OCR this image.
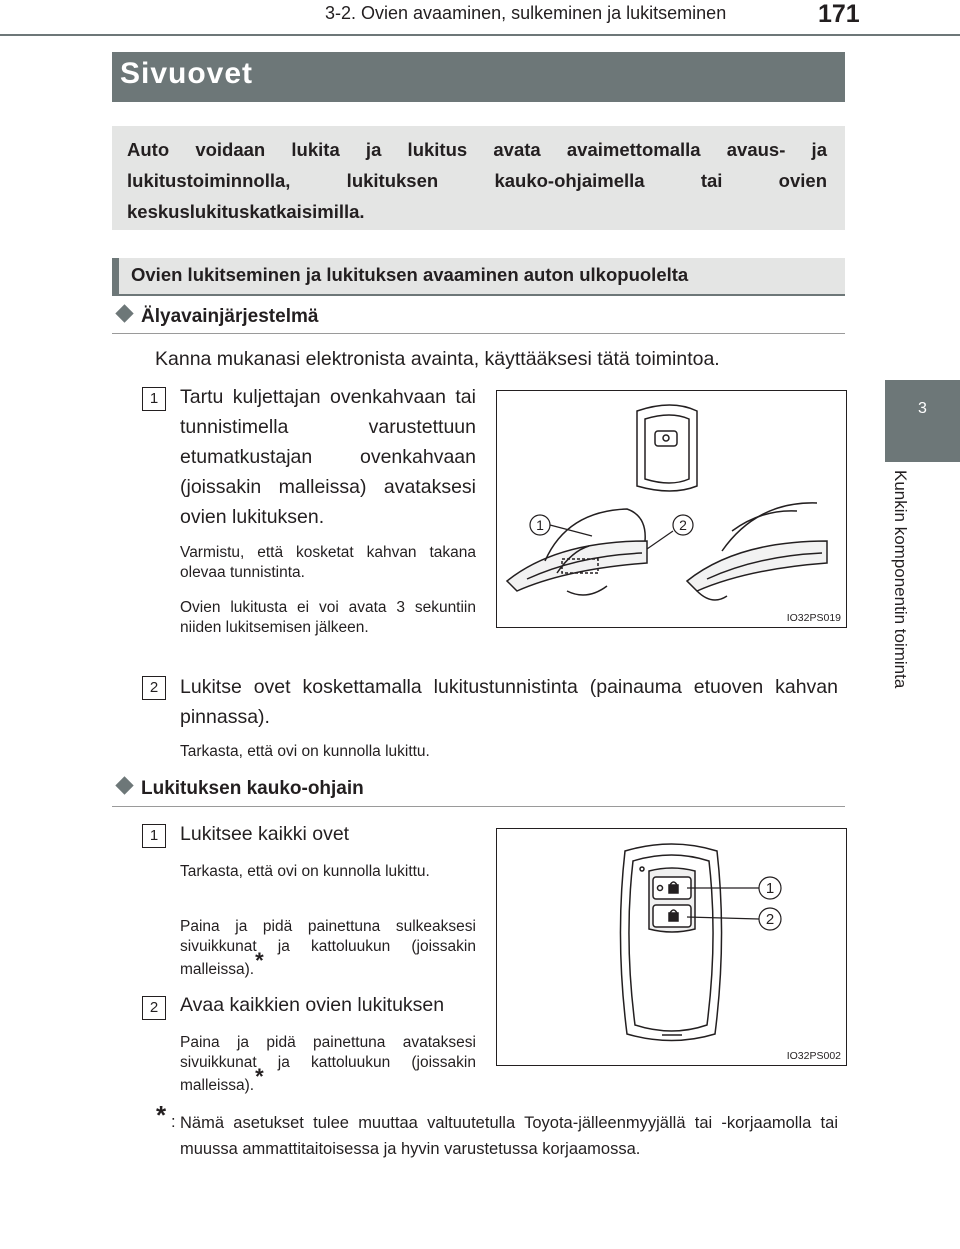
3-2. Ovien avaaminen, sulkeminen ja lukitseminen	171
3
Kunkin komponentin toiminta
Sivuovet

Auto voidaan lukita ja lukitus avata avaimettomalla avaus- ja lukitustoiminnolla, lukituksen kauko-ohjaimella tai ovien keskuslukituskatkaisimilla.

Ovien lukitseminen ja lukituksen avaaminen auton ulkopuolelta
Älyavainjärjestelmä
Kanna mukanasi elektronista avainta, käyttääksesi tätä toimintoa.
1	Tartu kuljettajan ovenkahvaan tai tunnistimella varustettuun etumatkustajan ovenkahvaan (joissakin malleissa) avataksesi ovien lukituksen.
Varmistu, että kosketat kahvan takana olevaa tunnistinta.
Ovien lukitusta ei voi avata 3 sekuntiin niiden lukitsemisen jälkeen.
1	2
IO32PS019
2	Lukitse ovet koskettamalla lukitustunnistinta (painauma etuoven kahvan pinnassa).
Tarkasta, että ovi on kunnolla lukittu.
Lukituksen kauko-ohjain
1	Lukitsee kaikki ovet
Tarkasta, että ovi on kunnolla lukittu.
Paina ja pidä painettuna sulkeaksesi sivuikkunat ja kattoluukun (joissakin malleissa).*
2	Avaa kaikkien ovien lukituksen
Paina ja pidä painettuna avataksesi sivuikkunat ja kattoluukun (joissakin malleissa).*
1
2
IO32PS002
* : Nämä asetukset tulee muuttaa valtuutetulla Toyota-jälleenmyyjällä tai -korjaamolla tai muussa ammattitaitoisessa ja hyvin varustetussa korjaamossa.
